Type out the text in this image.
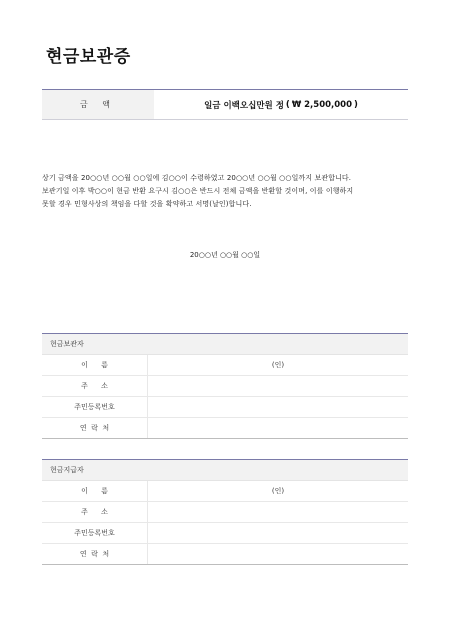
현금보관증
금 액	일금 이백오십만원 정 ( ₩ 2,500,000 )

상기 금액을 20○○년 ○○월 ○○일에 김○○이 수령하였고 20○○년 ○○월 ○○일까지 보관합니다.

보관기일 이후 박○○이 현금 반환 요구시 김○○은 반드시 전체 금액을 반환할 것이며, 이를 이행하지

못할 경우 민형사상의 책임을 다할 것을 확약하고 서명(날인)합니다.

20○○년 ○○월 ○○일
현금보관자
이      름	(인)
주      소
주민등록번호
연  락  처
현금지급자
이      름	(인)
주      소
주민등록번호
연  락  처
